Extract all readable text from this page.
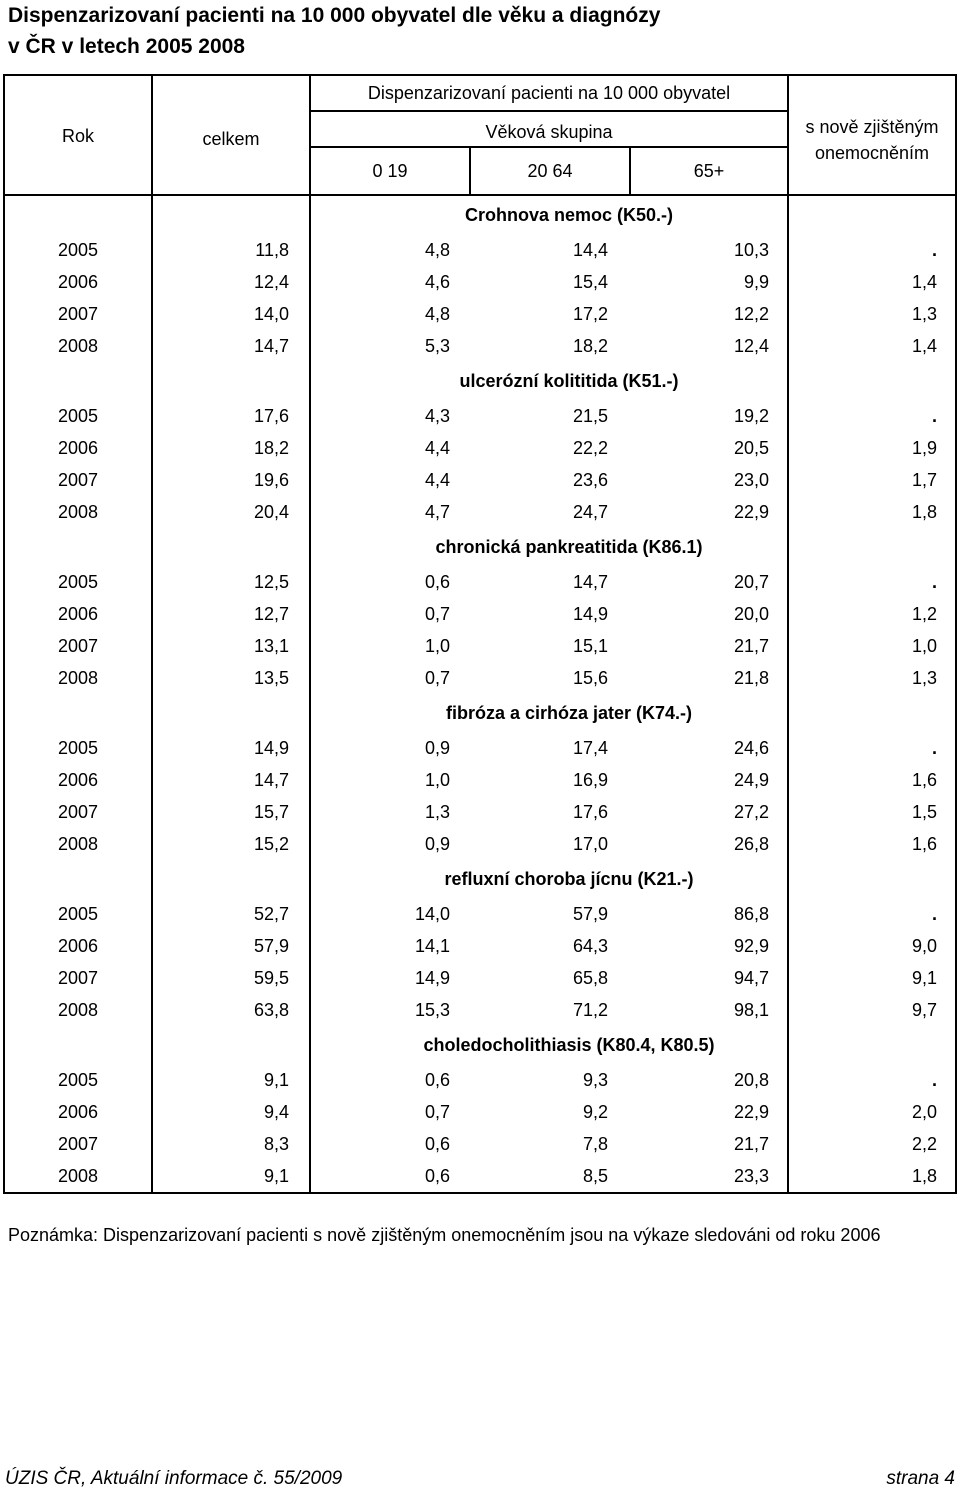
Dispenzarizovaní pacienti na 10 000 obyvatel dle věku a diagnózy
v ČR v letech 2005 2008
Rok	celkem	Dispenzarizovaní pacienti na 10 000 obyvatel			s nově zjištěným
onemocněním

		Věková skupina			
		0 19	20 64	65+	
		Crohnova nemoc (K50.-)			
2005	11,8	4,8	14,4	10,3	.
2006	12,4	4,6	15,4	9,9	1,4
2007	14,0	4,8	17,2	12,2	1,3
2008	14,7	5,3	18,2	12,4	1,4
		ulcerózní kolititida (K51.-)			
2005	17,6	4,3	21,5	19,2	.
2006	18,2	4,4	22,2	20,5	1,9
2007	19,6	4,4	23,6	23,0	1,7
2008	20,4	4,7	24,7	22,9	1,8
		chronická pankreatitida (K86.1)			
2005	12,5	0,6	14,7	20,7	.
2006	12,7	0,7	14,9	20,0	1,2
2007	13,1	1,0	15,1	21,7	1,0
2008	13,5	0,7	15,6	21,8	1,3
		fibróza a cirhóza jater (K74.-)			
2005	14,9	0,9	17,4	24,6	.
2006	14,7	1,0	16,9	24,9	1,6
2007	15,7	1,3	17,6	27,2	1,5
2008	15,2	0,9	17,0	26,8	1,6
		refluxní choroba jícnu (K21.-)			
2005	52,7	14,0	57,9	86,8	.
2006	57,9	14,1	64,3	92,9	9,0
2007	59,5	14,9	65,8	94,7	9,1
2008	63,8	15,3	71,2	98,1	9,7
		choledocholithiasis (K80.4, K80.5)			
2005	9,1	0,6	9,3	20,8	.
2006	9,4	0,7	9,2	22,9	2,0
2007	8,3	0,6	7,8	21,7	2,2
2008	9,1	0,6	8,5	23,3	1,8
Poznámka: Dispenzarizovaní pacienti s nově zjištěným onemocněním jsou na výkaze sledováni od roku 2006
ÚZIS ČR, Aktuální informace č. 55/2009	strana 4
